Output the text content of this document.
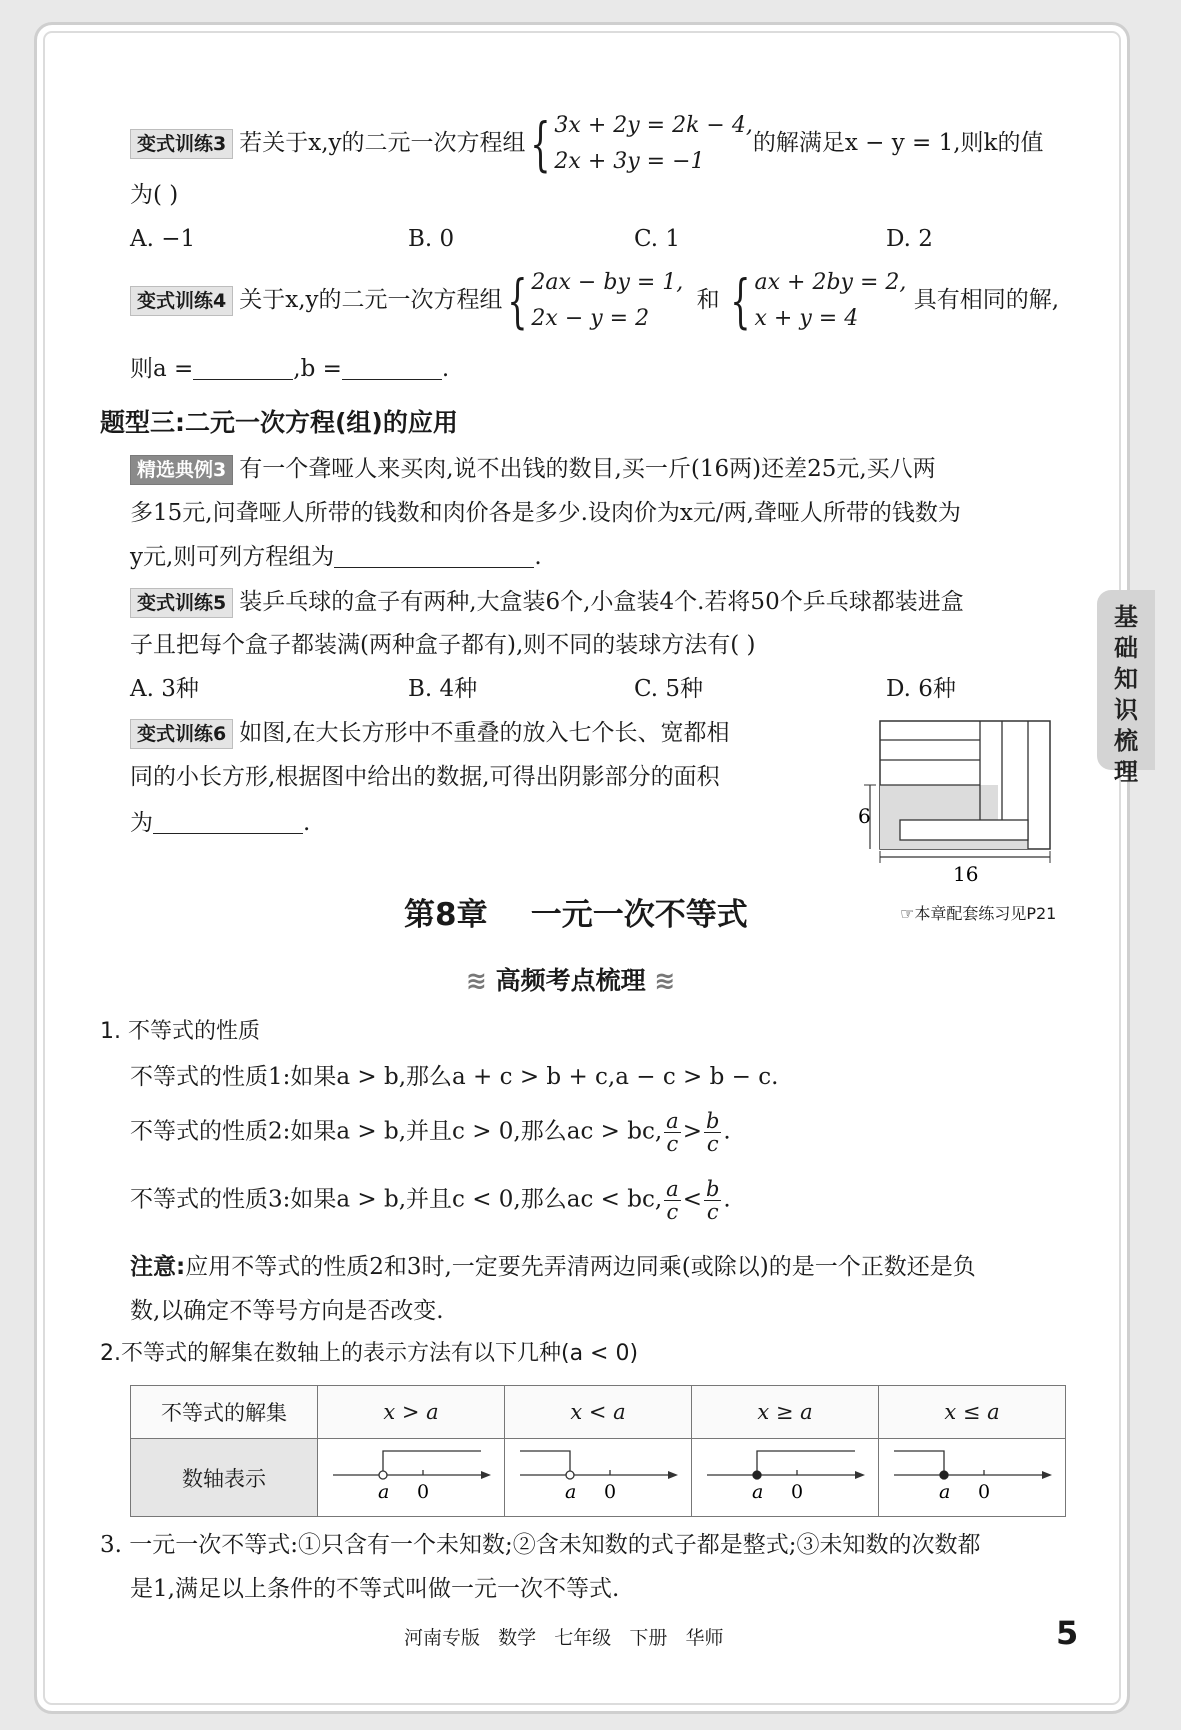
变式训练3 若关于x,y的二元一次方程组{ 3x + 2y = 2k − 4,
2x + 3y = −1
的解满足x − y = 1,则k的值
为( )
A. −1	B. 0	C. 1	D. 2
变式训练4 关于x,y的二元一次方程组{ 2ax − by = 1,
2x − y = 2
和 { ax + 2by = 2,
x + y = 4
具有相同的解,
则a =	,b =	.
题型三:二元一次方程(组)的应用
精选典例3 有一个聋哑人来买肉,说不出钱的数目,买一斤(16两)还差25元,买八两
多15元,问聋哑人所带的钱数和肉价各是多少.设肉价为x元/两,聋哑人所带的钱数为
y元,则可列方程组为	.
变式训练5 装乒乓球的盒子有两种,大盒装6个,小盒装4个.若将50个乒乓球都装进盒
子且把每个盒子都装满(两种盒子都有),则不同的装球方法有( )
A. 3种	B. 4种	C. 5种	D. 6种
变式训练6 如图,在大长方形中不重叠的放入七个长、宽都相
同的小长方形,根据图中给出的数据,可得出阴影部分的面积
为	.	6
16
基础知识梳理
第8章    一元一次不等式	☞本章配套练习见P21
≋ 高频考点梳理 ≋
1. 不等式的性质
不等式的性质1:如果a > b,那么a + c > b + c,a − c > b − c.
不等式的性质2:如果a > b,并且c > 0,那么ac > bc, $\frac{a}{c} > \frac{b}{c}$ .
不等式的性质3:如果a > b,并且c < 0,那么ac < bc, $\frac{a}{c} < \frac{b}{c}$ .
注意:应用不等式的性质2和3时,一定要先弄清两边同乘(或除以)的是一个正数还是负
数,以确定不等号方向是否改变.
2.不等式的解集在数轴上的表示方法有以下几种(a < 0)
不等式的解集	x > a	x < a	x ≥ a	x ≤ a
数轴表示	a 0	a 0	a 0	a 0
3. 一元一次不等式:①只含有一个未知数;②含未知数的式子都是整式;③未知数的次数都
是1,满足以上条件的不等式叫做一元一次不等式.
河南专版   数学   七年级   下册   华师	5
